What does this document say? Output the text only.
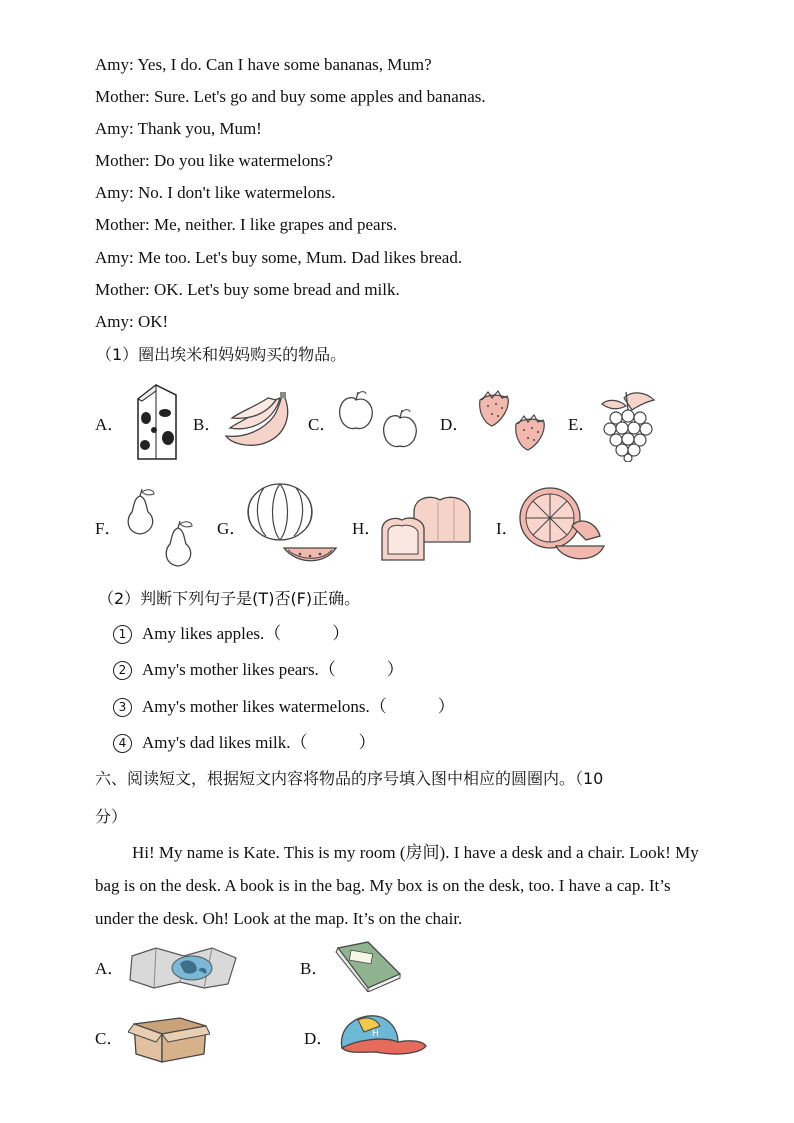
Amy: Yes, I do. Can I have some bananas, Mum?
Mother: Sure. Let's go and buy some apples and bananas.
Amy: Thank you, Mum!
Mother: Do you like watermelons?
Amy: No. I don't like watermelons.
Mother: Me, neither. I like grapes and pears.
Amy: Me too. Let's buy some, Mum. Dad likes bread.
Mother: OK. Let's buy some bread and milk.
Amy: OK!
（1）圈出埃米和妈妈购买的物品。
A．	B．	C．	D．	E．
F．	G．	H．	I．
（2）判断下列句子是(T)否(F)正确。
1 Amy likes apples.（　　　）
2 Amy's mother likes pears.（　　　）
3 Amy's mother likes watermelons.（　　　）
4 Amy's dad likes milk.（　　　）
六、阅读短文，根据短文内容将物品的序号填入图中相应的圆圈内。（10
分）
Hi! My name is Kate. This is my room (房间). I have a desk and a chair. Look! My bag is on the desk. A book is in the bag. My box is on the desk, too. I have a cap. It’s under the desk. Oh! Look at the map. It’s on the chair.
A．	B．
C．	D．	H
